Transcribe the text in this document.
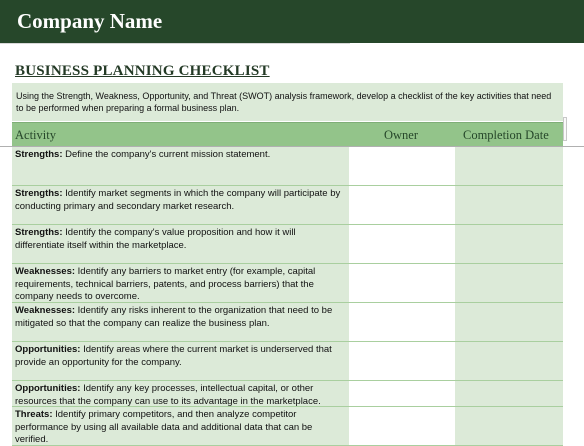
Company Name
BUSINESS PLANNING CHECKLIST
Using the Strength, Weakness, Opportunity, and Threat (SWOT) analysis framework, develop a checklist of the key activities that need to be performed when preparing a formal business plan.
Activity	Owner	Completion Date
Strengths: Define the company's current mission statement.
Strengths: Identify market segments in which the company will participate by conducting primary and secondary market research.
Strengths: Identify the company's value proposition and how it will differentiate itself within the marketplace.
Weaknesses: Identify any barriers to market entry (for example, capital requirements, technical barriers, patents, and process barriers) that the company needs to overcome.
Weaknesses: Identify any risks inherent to the organization that need to be mitigated so that the company can realize the business plan.
Opportunities: Identify areas where the current market is underserved that provide an opportunity for the company.
Opportunities: Identify any key processes, intellectual capital, or other resources that the company can use to its advantage in the marketplace.
Threats: Identify primary competitors, and then analyze competitor performance by using all available data and additional data that can be verified.
